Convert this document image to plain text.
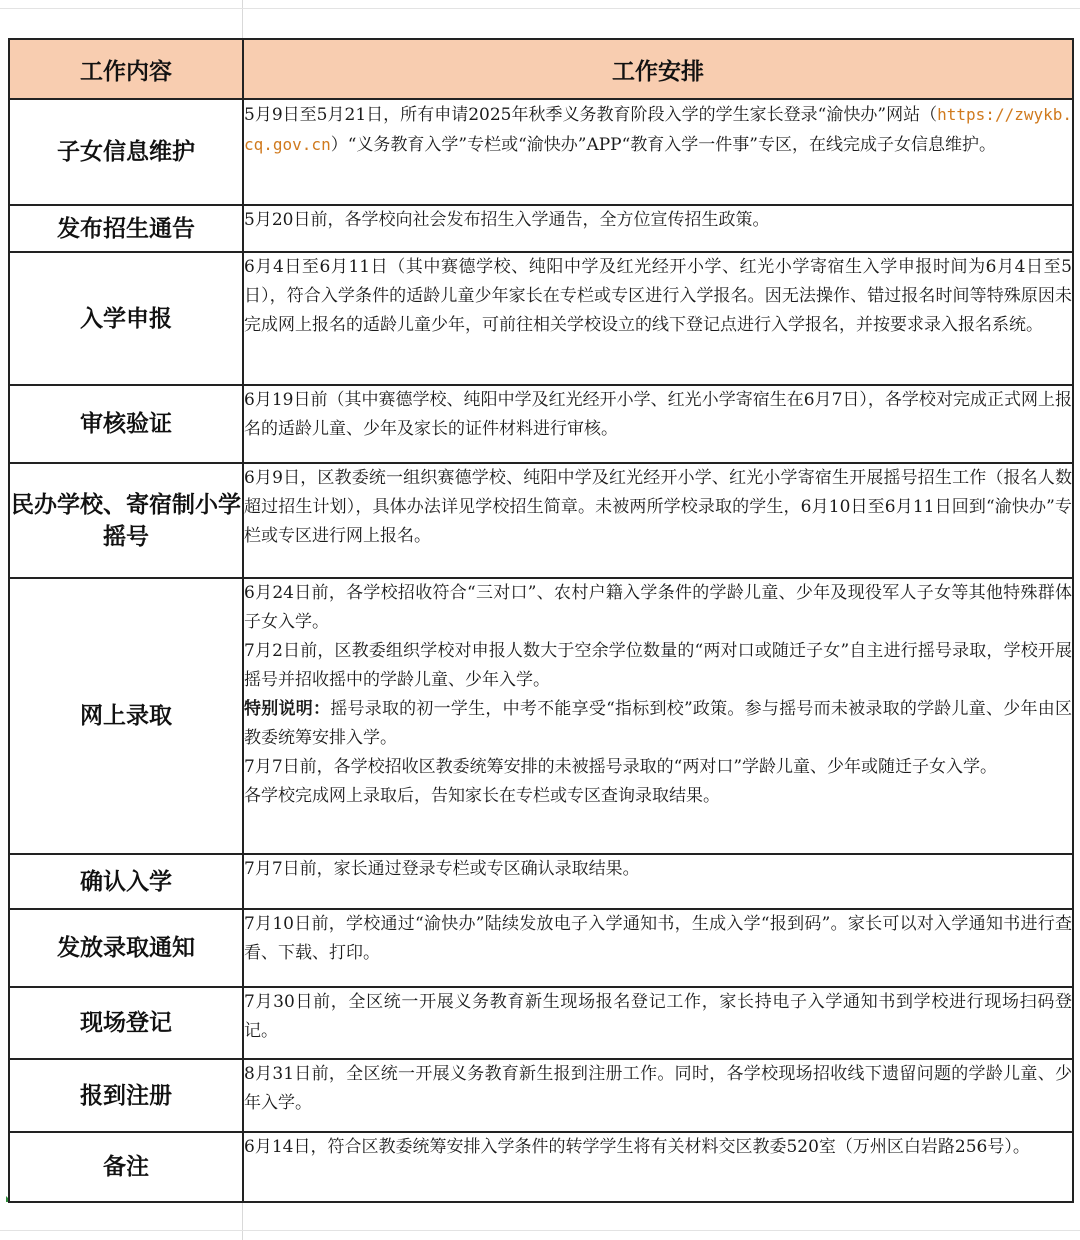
工作内容	工作安排
子女信息维护	5月9日至5月21日，所有申请2025年秋季义务教育阶段入学的学生家长登录“渝快办”网站（https://zwykb.cq.gov.cn）“义务教育入学”专栏或“渝快办”APP“教育入学一件事”专区，在线完成子女信息维护。
发布招生通告	5月20日前，各学校向社会发布招生入学通告，全方位宣传招生政策。
入学申报	6月4日至6月11日（其中赛德学校、纯阳中学及红光经开小学、红光小学寄宿生入学申报时间为6月4日至5日），符合入学条件的适龄儿童少年家长在专栏或专区进行入学报名。因无法操作、错过报名时间等特殊原因未完成网上报名的适龄儿童少年，可前往相关学校设立的线下登记点进行入学报名，并按要求录入报名系统。
审核验证	6月19日前（其中赛德学校、纯阳中学及红光经开小学、红光小学寄宿生在6月7日），各学校对完成正式网上报名的适龄儿童、少年及家长的证件材料进行审核。
民办学校、寄宿制小学摇号	6月9日，区教委统一组织赛德学校、纯阳中学及红光经开小学、红光小学寄宿生开展摇号招生工作（报名人数超过招生计划），具体办法详见学校招生简章。未被两所学校录取的学生，6月10日至6月11日回到“渝快办”专栏或专区进行网上报名。
网上录取	6月24日前，各学校招收符合“三对口”、农村户籍入学条件的学龄儿童、少年及现役军人子女等其他特殊群体子女入学。
7月2日前，区教委组织学校对申报人数大于空余学位数量的“两对口或随迁子女”自主进行摇号录取，学校开展摇号并招收摇中的学龄儿童、少年入学。
特别说明：摇号录取的初一学生，中考不能享受“指标到校”政策。参与摇号而未被录取的学龄儿童、少年由区教委统筹安排入学。
7月7日前，各学校招收区教委统筹安排的未被摇号录取的“两对口”学龄儿童、少年或随迁子女入学。
各学校完成网上录取后，告知家长在专栏或专区查询录取结果。

确认入学	7月7日前，家长通过登录专栏或专区确认录取结果。
发放录取通知	7月10日前，学校通过“渝快办”陆续发放电子入学通知书，生成入学“报到码”。家长可以对入学通知书进行查看、下载、打印。
现场登记	7月30日前，全区统一开展义务教育新生现场报名登记工作，家长持电子入学通知书到学校进行现场扫码登记。
报到注册	8月31日前，全区统一开展义务教育新生报到注册工作。同时，各学校现场招收线下遗留问题的学龄儿童、少年入学。
备注	6月14日，符合区教委统筹安排入学条件的转学学生将有关材料交区教委520室（万州区白岩路256号）。
